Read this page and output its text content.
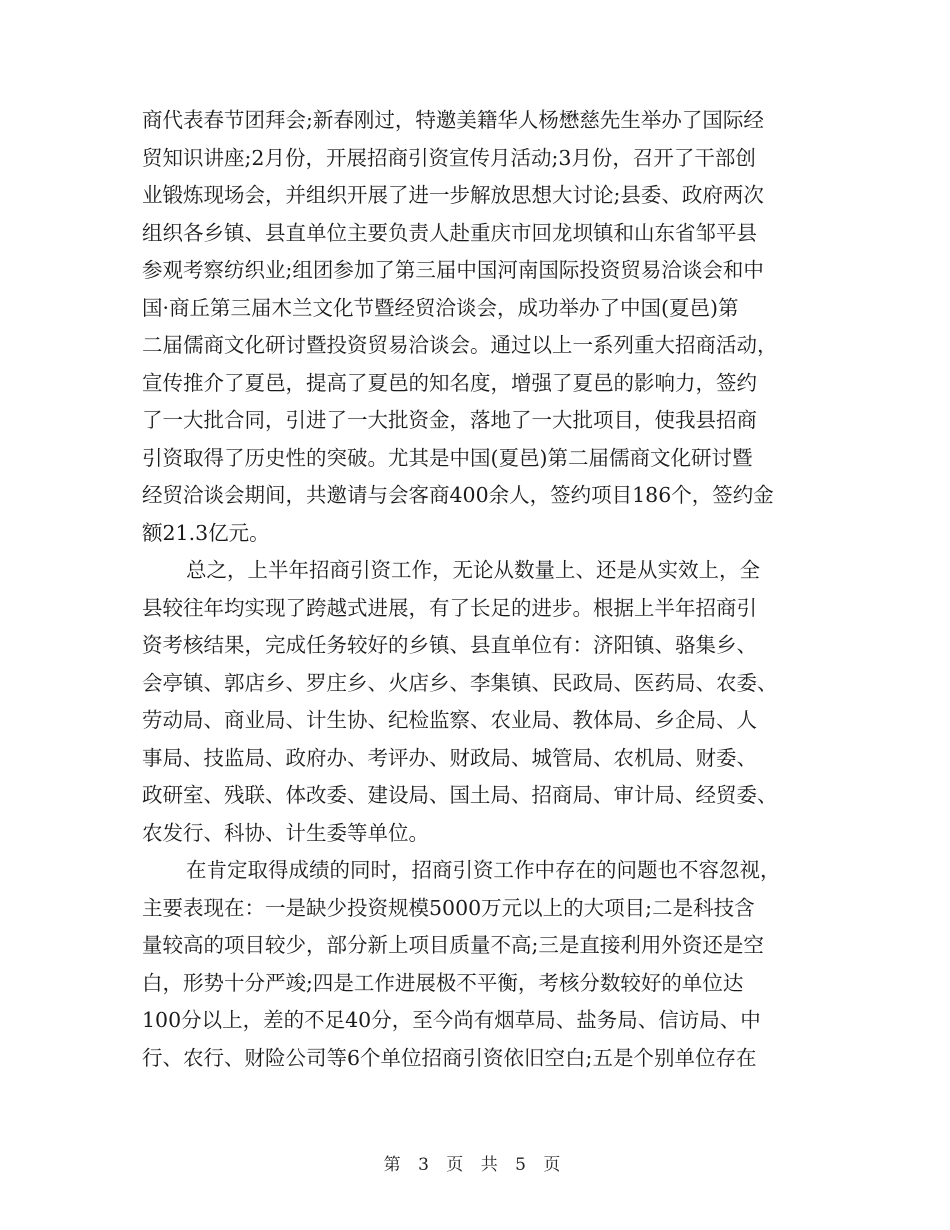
商代表春节团拜会;新春刚过，特邀美籍华人杨懋慈先生举办了国际经
贸知识讲座;2月份，开展招商引资宣传月活动;3月份，召开了干部创
业锻炼现场会，并组织开展了进一步解放思想大讨论;县委、政府两次
组织各乡镇、县直单位主要负责人赴重庆市回龙坝镇和山东省邹平县
参观考察纺织业;组团参加了第三届中国河南国际投资贸易洽谈会和中
国·商丘第三届木兰文化节暨经贸洽谈会，成功举办了中国(夏邑)第
二届儒商文化研讨暨投资贸易洽谈会。通过以上一系列重大招商活动，
宣传推介了夏邑，提高了夏邑的知名度，增强了夏邑的影响力，签约
了一大批合同，引进了一大批资金，落地了一大批项目，使我县招商
引资取得了历史性的突破。尤其是中国(夏邑)第二届儒商文化研讨暨
经贸洽谈会期间，共邀请与会客商400余人，签约项目186个，签约金
额21.3亿元。
总之，上半年招商引资工作，无论从数量上、还是从实效上，全
县较往年均实现了跨越式进展，有了长足的进步。根据上半年招商引
资考核结果，完成任务较好的乡镇、县直单位有：济阳镇、骆集乡、
会亭镇、郭店乡、罗庄乡、火店乡、李集镇、民政局、医药局、农委、
劳动局、商业局、计生协、纪检监察、农业局、教体局、乡企局、人
事局、技监局、政府办、考评办、财政局、城管局、农机局、财委、
政研室、残联、体改委、建设局、国土局、招商局、审计局、经贸委、
农发行、科协、计生委等单位。
在肯定取得成绩的同时，招商引资工作中存在的问题也不容忽视，
主要表现在：一是缺少投资规模5000万元以上的大项目;二是科技含
量较高的项目较少，部分新上项目质量不高;三是直接利用外资还是空
白，形势十分严竣;四是工作进展极不平衡，考核分数较好的单位达
100分以上，差的不足40分，至今尚有烟草局、盐务局、信访局、中
行、农行、财险公司等6个单位招商引资依旧空白;五是个别单位存在
第 3 页 共 5 页
